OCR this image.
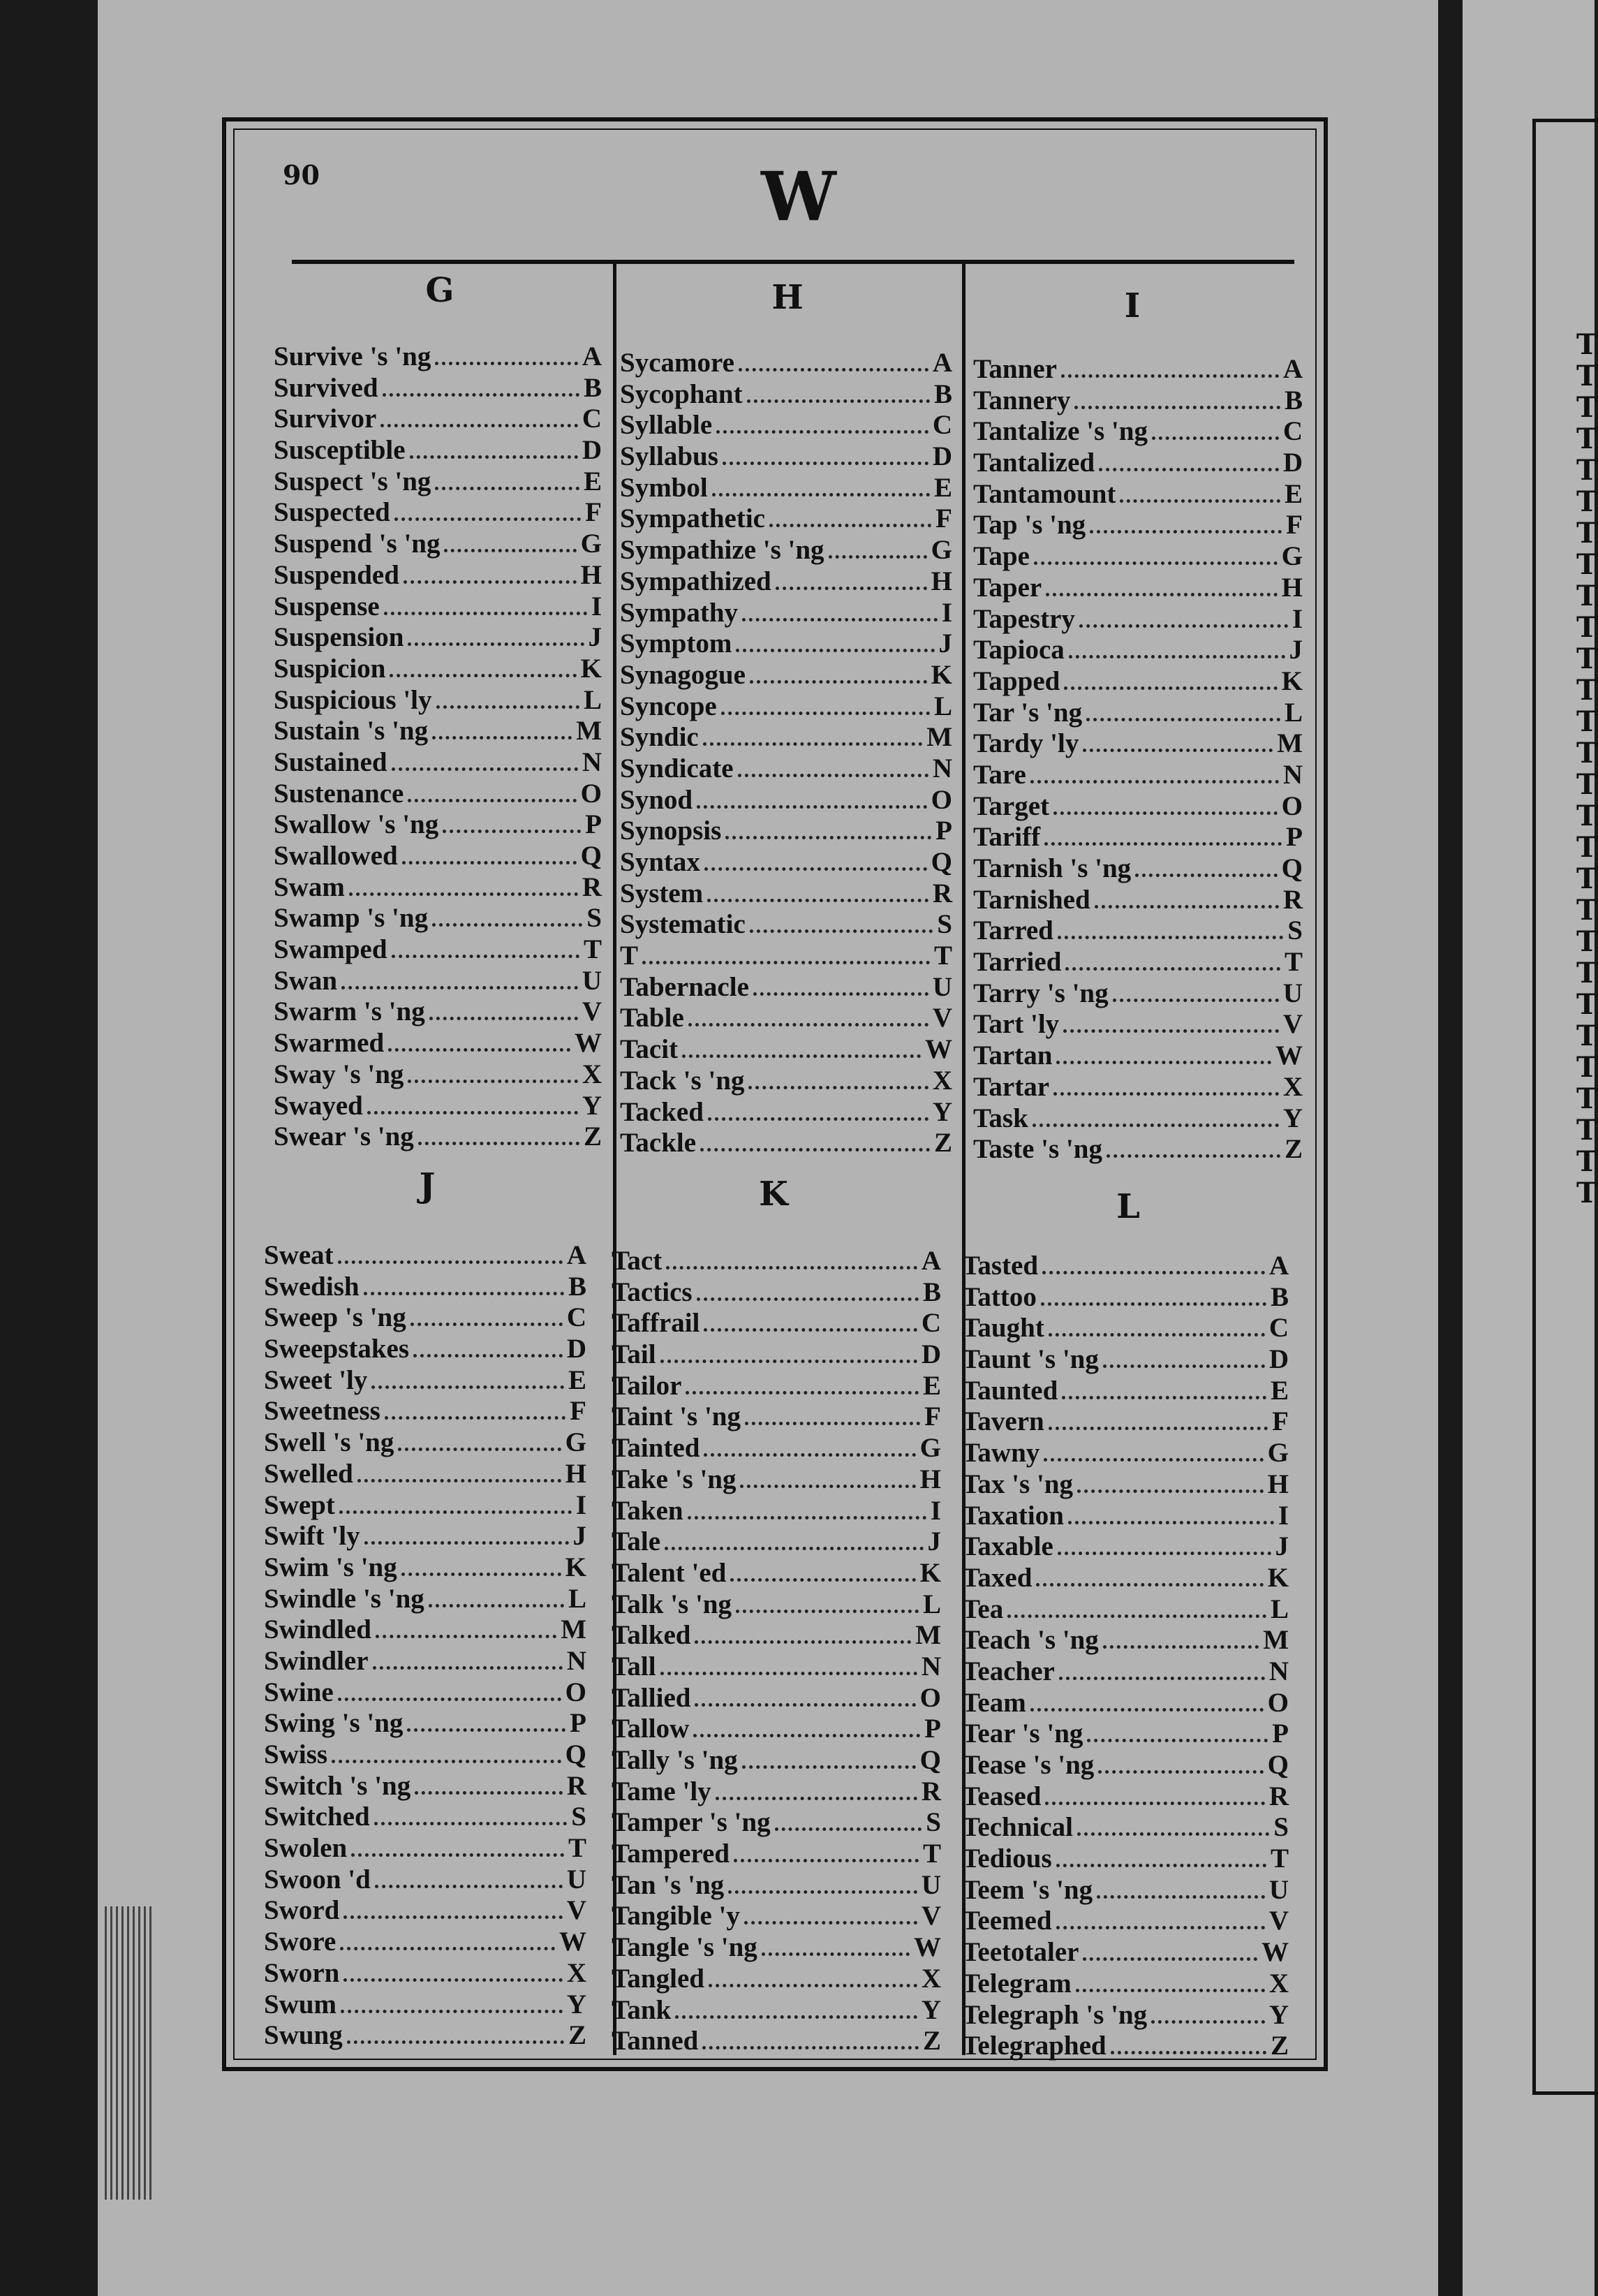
T
T
T
T
T
T
T
T
T
T
T
T
T
T
T
T
T
T
T
T
T
T
T
T
T
T
T
T
90	W
G	H	I
J	K	L
Survive 's 'ng	A
Survived	B
Survivor	C
Susceptible	D
Suspect 's 'ng	E
Suspected	F
Suspend 's 'ng	G
Suspended	H
Suspense	I
Suspension	J
Suspicion	K
Suspicious 'ly	L
Sustain 's 'ng	M
Sustained	N
Sustenance	O
Swallow 's 'ng	P
Swallowed	Q
Swam	R
Swamp 's 'ng	S
Swamped	T
Swan	U
Swarm 's 'ng	V
Swarmed	W
Sway 's 'ng	X
Swayed	Y
Swear 's 'ng	Z
Sycamore	A
Sycophant	B
Syllable	C
Syllabus	D
Symbol	E
Sympathetic	F
Sympathize 's 'ng	G
Sympathized	H
Sympathy	I
Symptom	J
Synagogue	K
Syncope	L
Syndic	M
Syndicate	N
Synod	O
Synopsis	P
Syntax	Q
System	R
Systematic	S
T	T
Tabernacle	U
Table	V
Tacit	W
Tack 's 'ng	X
Tacked	Y
Tackle	Z
Tanner	A
Tannery	B
Tantalize 's 'ng	C
Tantalized	D
Tantamount	E
Tap 's 'ng	F
Tape	G
Taper	H
Tapestry	I
Tapioca	J
Tapped	K
Tar 's 'ng	L
Tardy 'ly	M
Tare	N
Target	O
Tariff	P
Tarnish 's 'ng	Q
Tarnished	R
Tarred	S
Tarried	T
Tarry 's 'ng	U
Tart 'ly	V
Tartan	W
Tartar	X
Task	Y
Taste 's 'ng	Z
Sweat	A
Swedish	B
Sweep 's 'ng	C
Sweepstakes	D
Sweet 'ly	E
Sweetness	F
Swell 's 'ng	G
Swelled	H
Swept	I
Swift 'ly	J
Swim 's 'ng	K
Swindle 's 'ng	L
Swindled	M
Swindler	N
Swine	O
Swing 's 'ng	P
Swiss	Q
Switch 's 'ng	R
Switched	S
Swolen	T
Swoon 'd	U
Sword	V
Swore	W
Sworn	X
Swum	Y
Swung	Z
Tact	A
Tactics	B
Taffrail	C
Tail	D
Tailor	E
Taint 's 'ng	F
Tainted	G
Take 's 'ng	H
Taken	I
Tale	J
Talent 'ed	K
Talk 's 'ng	L
Talked	M
Tall	N
Tallied	O
Tallow	P
Tally 's 'ng	Q
Tame 'ly	R
Tamper 's 'ng	S
Tampered	T
Tan 's 'ng	U
Tangible 'y	V
Tangle 's 'ng	W
Tangled	X
Tank	Y
Tanned	Z
Tasted	A
Tattoo	B
Taught	C
Taunt 's 'ng	D
Taunted	E
Tavern	F
Tawny	G
Tax 's 'ng	H
Taxation	I
Taxable	J
Taxed	K
Tea	L
Teach 's 'ng	M
Teacher	N
Team	O
Tear 's 'ng	P
Tease 's 'ng	Q
Teased	R
Technical	S
Tedious	T
Teem 's 'ng	U
Teemed	V
Teetotaler	W
Telegram	X
Telegraph 's 'ng	Y
Telegraphed	Z
